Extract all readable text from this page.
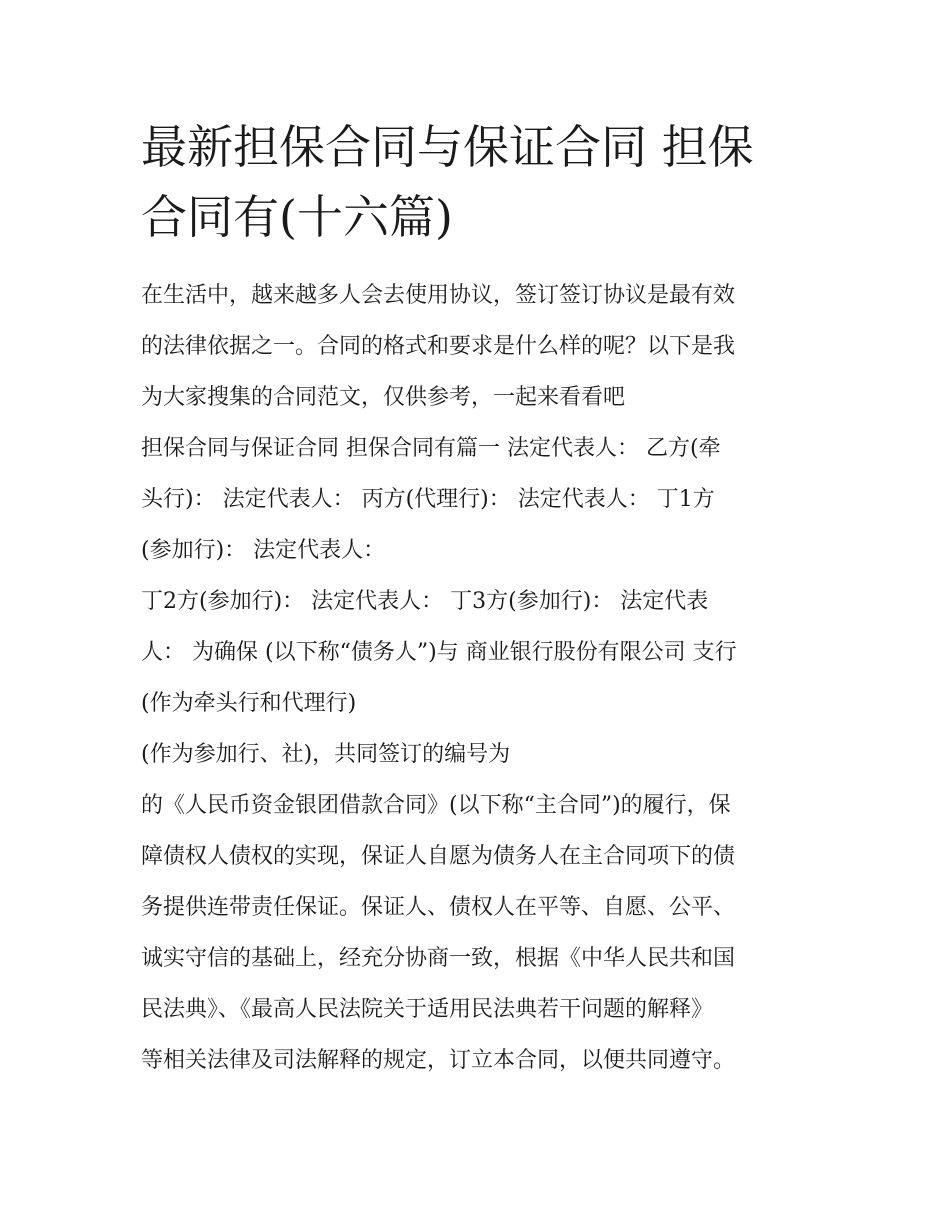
最新担保合同与保证合同 担保
合同有(十六篇)

在生活中，越来越多人会去使用协议，签订签订协议是最有效
的法律依据之一。合同的格式和要求是什么样的呢？以下是我
为大家搜集的合同范文，仅供参考，一起来看看吧

担保合同与保证合同 担保合同有篇一 法定代表人： 乙方(牵
头行)： 法定代表人： 丙方(代理行)： 法定代表人： 丁1方
(参加行)： 法定代表人：

丁2方(参加行)： 法定代表人： 丁3方(参加行)： 法定代表
人： 为确保 (以下称“债务人”)与 商业银行股份有限公司 支行
(作为牵头行和代理行)

(作为参加行、社)，共同签订的编号为

的《人民币资金银团借款合同》(以下称“主合同”)的履行，保
障债权人债权的实现，保证人自愿为债务人在主合同项下的债
务提供连带责任保证。保证人、债权人在平等、自愿、公平、
诚实守信的基础上，经充分协商一致，根据《中华人民共和国
民法典》、《最高人民法院关于适用民法典若干问题的解释》
等相关法律及司法解释的规定，订立本合同，以便共同遵守。
